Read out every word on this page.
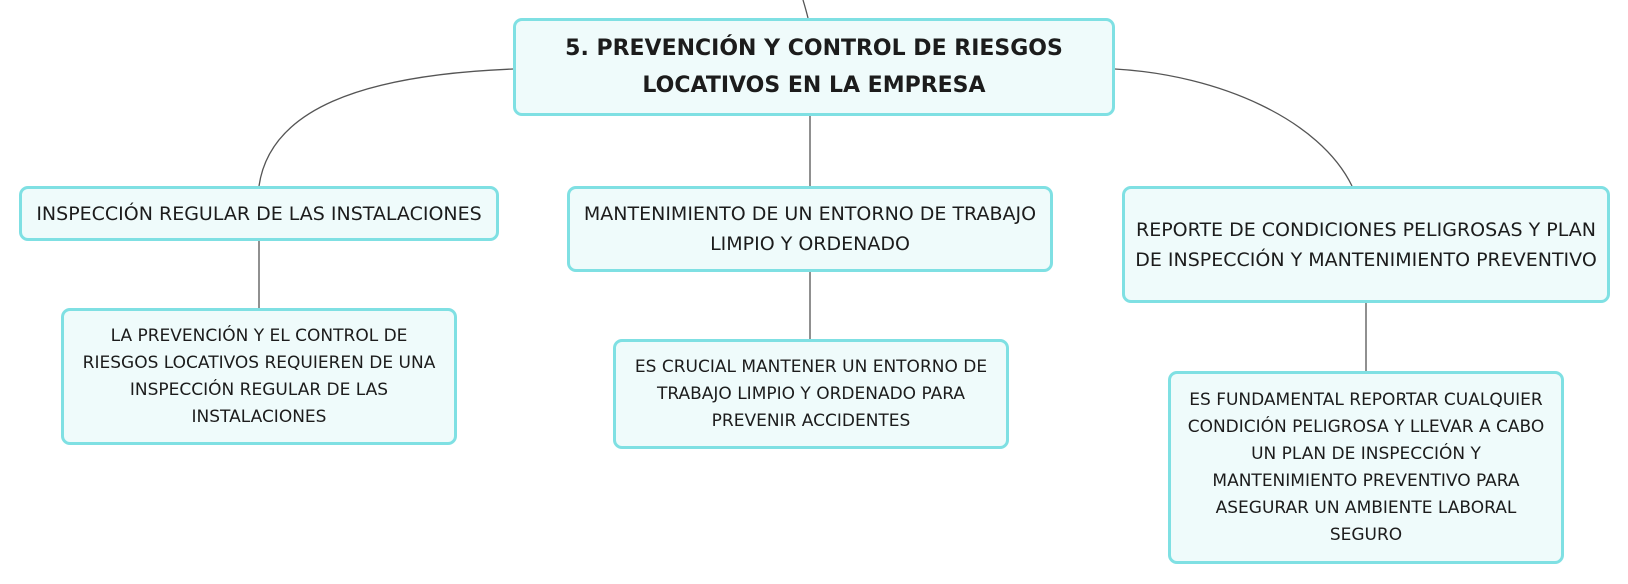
5. PREVENCIÓN Y CONTROL DE RIESGOS LOCATIVOS EN LA EMPRESA
INSPECCIÓN REGULAR DE LAS INSTALACIONES	MANTENIMIENTO DE UN ENTORNO DE TRABAJO LIMPIO Y ORDENADO
REPORTE DE CONDICIONES PELIGROSAS Y PLAN DE INSPECCIÓN Y MANTENIMIENTO PREVENTIVO
LA PREVENCIÓN Y EL CONTROL DE RIESGOS LOCATIVOS REQUIEREN DE UNA INSPECCIÓN REGULAR DE LAS INSTALACIONES
ES CRUCIAL MANTENER UN ENTORNO DE TRABAJO LIMPIO Y ORDENADO PARA PREVENIR ACCIDENTES
ES FUNDAMENTAL REPORTAR CUALQUIER CONDICIÓN PELIGROSA Y LLEVAR A CABO UN PLAN DE INSPECCIÓN Y MANTENIMIENTO PREVENTIVO PARA ASEGURAR UN AMBIENTE LABORAL SEGURO
